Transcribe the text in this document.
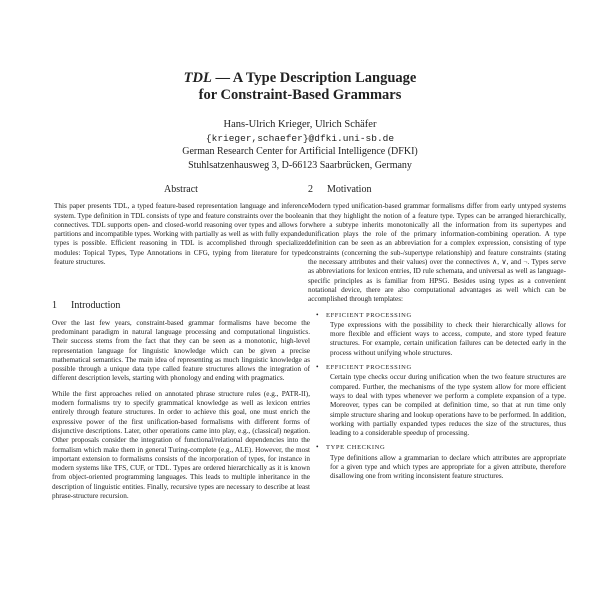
TDL — A Type Description Language
for Constraint-Based Grammars

Hans-Ulrich Krieger, Ulrich Schäfer
{krieger,schaefer}@dfki.uni-sb.de
German Research Center for Artificial Intelligence (DFKI)
Stuhlsatzenhausweg 3, D-66123 Saarbrücken, Germany
Abstract

This paper presents TDL, a typed feature-based representation language and inference system. Type definition in TDL consists of type and feature constraints over the boolean connectives. TDL supports open- and closed-world reasoning over types and allows for partitions and incompatible types. Working with partially as well as with fully expanded types is possible. Efficient reasoning in TDL is accomplished through specialized modules: Topical Types, Type Annotations in CFG, typing from literature for typed feature structures.

1 Introduction

Over the last few years, constraint-based grammar formalisms have become the predominant paradigm in natural language processing and computational linguistics. Their success stems from the fact that they can be seen as a monotonic, high-level representation language for linguistic knowledge which can be given a precise mathematical semantics. The main idea of representing as much linguistic knowledge as possible through a unique data type called feature structures allows the integration of different description levels, starting with phonology and ending with pragmatics.

While the first approaches relied on annotated phrase structure rules (e.g., PATR-II), modern formalisms try to specify grammatical knowledge as well as lexicon entries entirely through feature structures. In order to achieve this goal, one must enrich the expressive power of the first unification-based formalisms with different forms of disjunctive descriptions. Later, other operations came into play, e.g., (classical) negation. Other proposals consider the integration of functional/relational dependencies into the formalism which make them in general Turing-complete (e.g., ALE). However, the most important extension to formalisms consists of the incorporation of types, for instance in modern systems like TFS, CUF, or TDL. Types are ordered hierarchically as it is known from object-oriented programming languages. This leads to multiple inheritance in the description of linguistic entities. Finally, recursive types are necessary to describe at least phrase-structure recursion.

2 Motivation

Modern typed unification-based grammar formalisms differ from early untyped systems in that they highlight the notion of a feature type. Types can be arranged hierarchically, where a subtype inherits monotonically all the information from its supertypes and unification plays the role of the primary information-combining operation. A type definition can be seen as an abbreviation for a complex expression, consisting of type constraints (concerning the sub-/supertype relationship) and feature constraints (stating the necessary attributes and their values) over the connectives ∧, ∨, and ¬. Types serve as abbreviations for lexicon entries, ID rule schemata, and universal as well as language-specific principles as is familiar from HPSG. Besides using types as a convenient notational device, there are also computational advantages as well which can be accomplished through templates:

• EFFICIENT PROCESSING
Type expressions with the possibility to check their hierarchically allows for more flexible and efficient ways to access, compute, and store typed feature structures. For example, certain unification failures can be detected early in the process without unifying whole structures.
• EFFICIENT PROCESSING
Certain type checks occur during unification when the two feature structures are compared. Further, the mechanisms of the type system allow for more efficient ways to deal with types whenever we perform a complete expansion of a type. Moreover, types can be compiled at definition time, so that at run time only simple structure sharing and lookup operations have to be performed. In addition, working with partially expanded types reduces the size of the structures, thus leading to a considerable speedup of processing.
• TYPE CHECKING
Type definitions allow a grammarian to declare which attributes are appropriate for a given type and which types are appropriate for a given attribute, therefore disallowing one from writing inconsistent feature structures.
